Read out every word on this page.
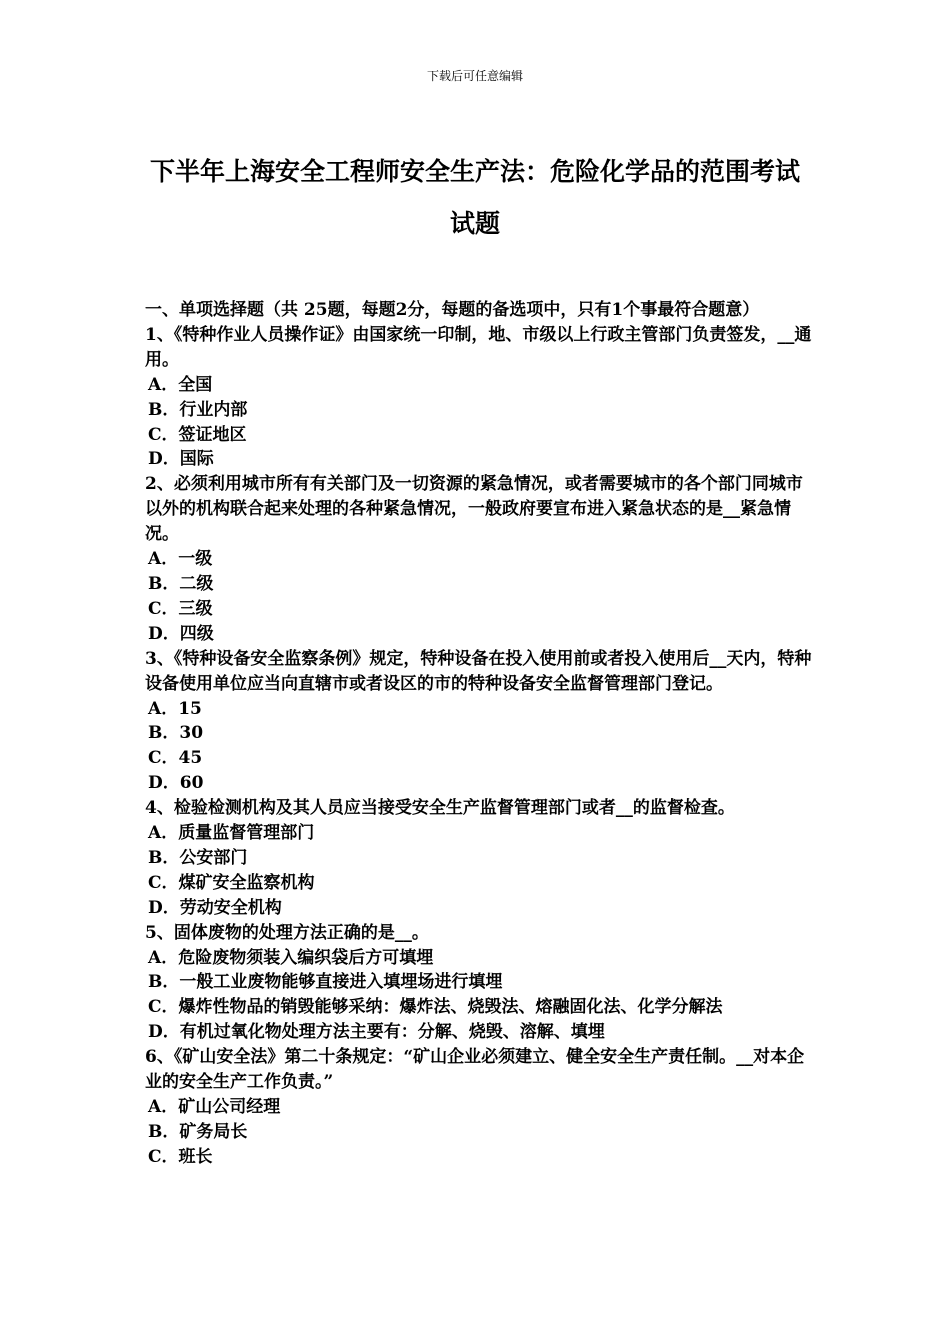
下载后可任意编辑
下半年上海安全工程师安全生产法：危险化学品的范围考试试题

一、单项选择题（共 25题，每题2分，每题的备选项中，只有1个事最符合题意）

1、《特种作业人员操作证》由国家统一印制，地、市级以上行政主管部门负责签发，__通用。

A．全国

B．行业内部

C．签证地区

D．国际

2、必须利用城市所有有关部门及一切资源的紧急情况，或者需要城市的各个部门同城市以外的机构联合起来处理的各种紧急情况，一般政府要宣布进入紧急状态的是__紧急情况。

A．一级

B．二级

C．三级

D．四级

3、《特种设备安全监察条例》规定，特种设备在投入使用前或者投入使用后__天内，特种设备使用单位应当向直辖市或者设区的市的特种设备安全监督管理部门登记。

A．15

B．30

C．45

D．60

4、检验检测机构及其人员应当接受安全生产监督管理部门或者__的监督检查。

A．质量监督管理部门

B．公安部门

C．煤矿安全监察机构

D．劳动安全机构

5、固体废物的处理方法正确的是__。

A．危险废物须装入编织袋后方可填埋

B．一般工业废物能够直接进入填埋场进行填埋

C．爆炸性物品的销毁能够采纳：爆炸法、烧毁法、熔融固化法、化学分解法

D．有机过氧化物处理方法主要有：分解、烧毁、溶解、填埋

6、《矿山安全法》第二十条规定：“矿山企业必须建立、健全安全生产责任制。__对本企业的安全生产工作负责。”

A．矿山公司经理

B．矿务局长

C．班长
